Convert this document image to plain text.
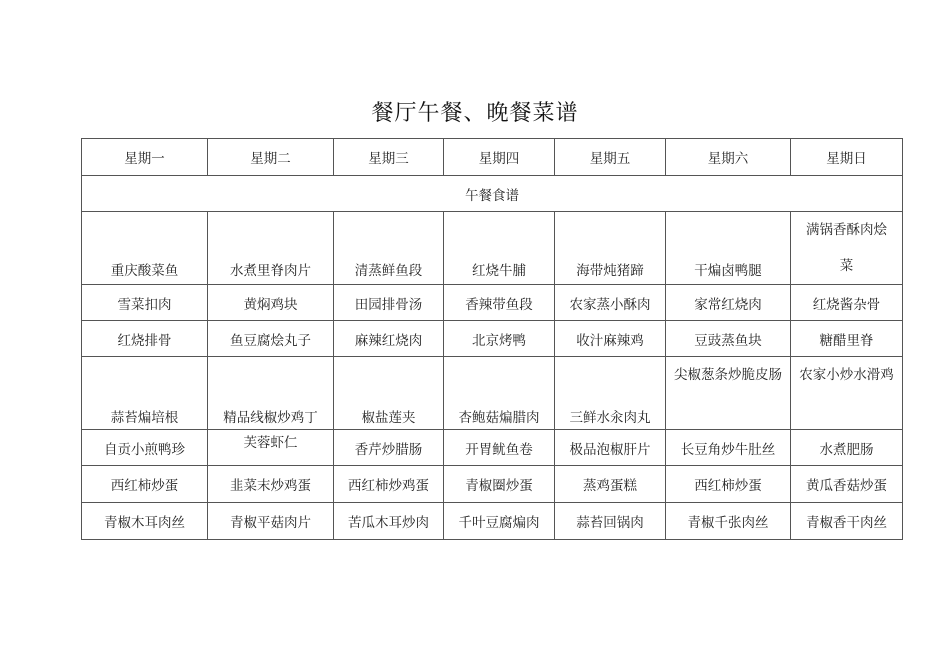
餐厅午餐、晚餐菜谱
星期一	星期二	星期三	星期四	星期五	星期六	星期日
午餐食谱						

重庆酸菜鱼	水煮里脊肉片	清蒸鲜鱼段	红烧牛脯	海带炖猪蹄	干煸卤鸭腿	满锅香酥肉烩菜

雪菜扣肉	黄焖鸡块	田园排骨汤	香辣带鱼段	农家蒸小酥肉	家常红烧肉	红烧酱杂骨
红烧排骨	鱼豆腐烩丸子	麻辣红烧肉	北京烤鸭	收汁麻辣鸡	豆豉蒸鱼块	糖醋里脊

蒜苔煸培根	精品线椒炒鸡丁	椒盐莲夹	杏鲍菇煸腊肉	三鲜水汆肉丸	尖椒葱条炒脆皮肠	农家小炒水滑鸡

自贡小煎鸭珍	芙蓉虾仁	香芹炒腊肠	开胃鱿鱼卷	极品泡椒肝片	长豆角炒牛肚丝	水煮肥肠
西红柿炒蛋	韭菜末炒鸡蛋	西红柿炒鸡蛋	青椒圈炒蛋	蒸鸡蛋糕	西红柿炒蛋	黄瓜香菇炒蛋
青椒木耳肉丝	青椒平菇肉片	苦瓜木耳炒肉	千叶豆腐煸肉	蒜苔回锅肉	青椒千张肉丝	青椒香干肉丝
